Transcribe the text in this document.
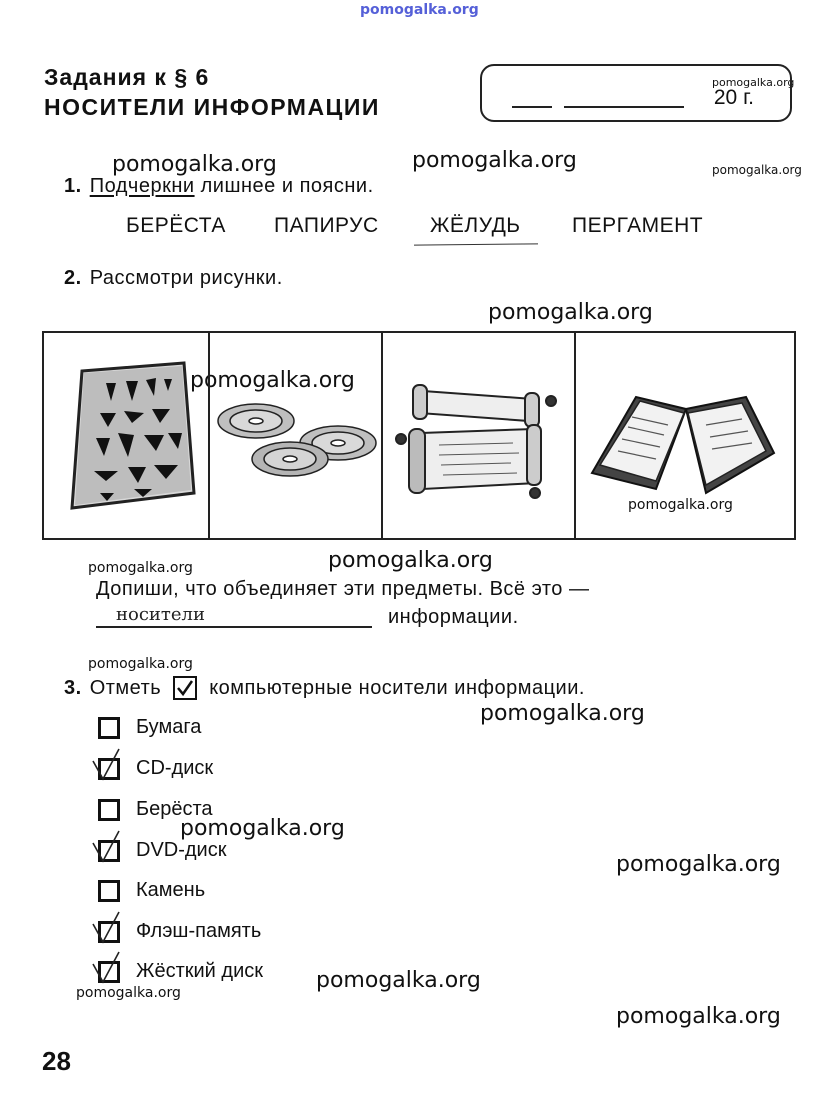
pomogalka.org
pomogalka.org	pomogalka.org	pomogalka.org
pomogalka.org
pomogalka.org
pomogalka.org
pomogalka.org
pomogalka.org	pomogalka.org
pomogalka.org
pomogalka.org
pomogalka.org
pomogalka.org
pomogalka.org
pomogalka.org
pomogalka.org
Задания к § 6
НОСИТЕЛИ ИНФОРМАЦИИ	20 г.
1. Подчеркни лишнее и поясни.
БЕРЁСТА ПАПИРУС ЖЁЛУДЬ ПЕРГАМЕНТ
2. Рассмотри рисунки.
Допиши, что объединяет эти предметы. Всё это —
носители	информации.
3. Отметь компьютерные носители информации.
Бумага
CD-диск
Берёста
DVD-диск
Камень
Флэш-память
Жёсткий диск
28
